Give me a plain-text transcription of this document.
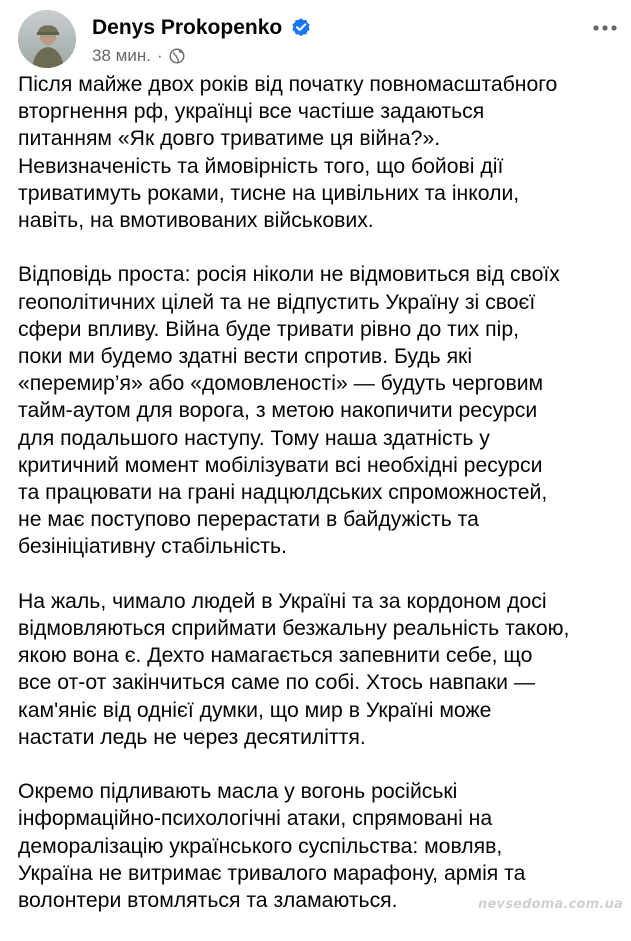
Denys Prokopenko
38 мин. ·
Після майже двох років від початку повномасштабного
вторгнення рф, українці все частіше задаються
питанням «Як довго триватиме ця війна?».
Невизначеність та ймовірність того, що бойові дії
триватимуть роками, тисне на цивільних та інколи,
навіть, на вмотивованих військових.
Відповідь проста: росія ніколи не відмовиться від своїх
геополітичних цілей та не відпустить Україну зі своєї
сфери впливу. Війна буде тривати рівно до тих пір,
поки ми будемо здатні вести спротив. Будь які
«перемир’я» або «домовленості» — будуть черговим
тайм-аутом для ворога, з метою накопичити ресурси
для подальшого наступу. Тому наша здатність у
критичний момент мобілізувати всі необхідні ресурси
та працювати на грані надцюлдських спроможностей,
не має поступово перерастати в байдужість та
безініціативну стабільність.
На жаль, чимало людей в Україні та за кордоном досі
відмовляються сприймати безжальну реальність такою,
якою вона є. Дехто намагається запевнити себе, що
все от-от закінчиться саме по собі. Хтось навпаки —
кам'яніє від однієї думки, що мир в Україні може
настати ледь не через десятиліття.
Окремо підливають масла у вогонь російські
інформаційно-психологічні атаки, спрямовані на
деморалізацію українського суспільства: мовляв,
Україна не витримає тривалого марафону, армія та
волонтери втомляться та зламаються.	nevsedoma.com.ua
